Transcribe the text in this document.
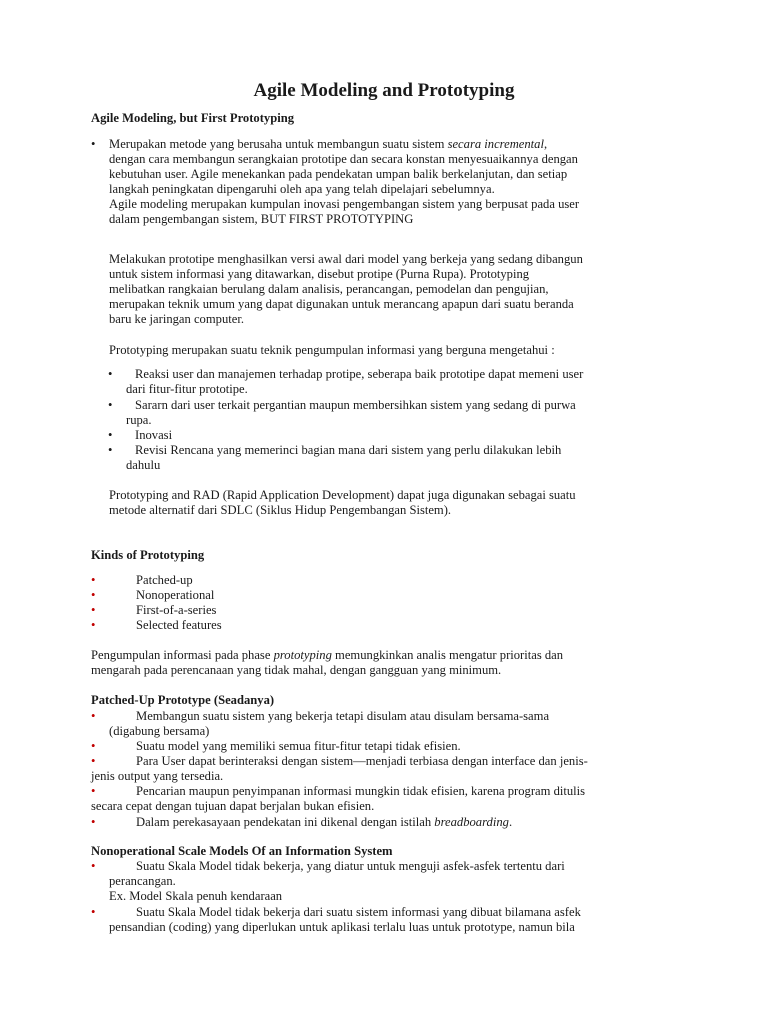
Agile Modeling and Prototyping
Agile Modeling, but First Prototyping
• Merupakan metode yang berusaha untuk membangun suatu sistem secara incremental,
dengan cara membangun serangkaian prototipe dan secara konstan menyesuaikannya dengan
kebutuhan user. Agile menekankan pada pendekatan umpan balik berkelanjutan, dan setiap
langkah peningkatan dipengaruhi oleh apa yang telah dipelajari sebelumnya.
Agile modeling merupakan kumpulan inovasi pengembangan sistem yang berpusat pada user
dalam pengembangan sistem, BUT FIRST PROTOTYPING
Melakukan prototipe menghasilkan versi awal dari model yang berkeja yang sedang dibangun
untuk sistem informasi yang ditawarkan, disebut protipe (Purna Rupa). Prototyping
melibatkan rangkaian berulang dalam analisis, perancangan, pemodelan dan pengujian,
merupakan teknik umum yang dapat digunakan untuk merancang apapun dari suatu beranda
baru ke jaringan computer.
Prototyping merupakan suatu teknik pengumpulan informasi yang berguna mengetahui :
• Reaksi user dan manajemen terhadap protipe, seberapa baik prototipe dapat memeni user
dari fitur-fitur prototipe.
• Sararn dari user terkait pergantian maupun membersihkan sistem yang sedang di purwa
rupa.
• Inovasi
• Revisi Rencana yang memerinci bagian mana dari sistem yang perlu dilakukan lebih
dahulu
Prototyping and RAD (Rapid Application Development) dapat juga digunakan sebagai suatu
metode alternatif dari SDLC (Siklus Hidup Pengembangan Sistem).
Kinds of Prototyping
•	Patched-up
•	Nonoperational
•	First-of-a-series
•	Selected features
Pengumpulan informasi pada phase prototyping memungkinkan analis mengatur prioritas dan
mengarah pada perencanaan yang tidak mahal, dengan gangguan yang minimum.
Patched-Up Prototype (Seadanya)
•	Membangun suatu sistem yang bekerja tetapi disulam atau disulam bersama-sama
(digabung bersama)
•	Suatu model yang memiliki semua fitur-fitur tetapi tidak efisien.
•	Para User dapat berinteraksi dengan sistem—menjadi terbiasa dengan interface dan jenis-
jenis output yang tersedia.
•	Pencarian maupun penyimpanan informasi mungkin tidak efisien, karena program ditulis
secara cepat dengan tujuan dapat berjalan bukan efisien.
•	Dalam perekasayaan pendekatan ini dikenal dengan istilah breadboarding.
Nonoperational Scale Models Of an Information System
•	Suatu Skala Model tidak bekerja, yang diatur untuk menguji asfek-asfek tertentu dari
perancangan.
Ex. Model Skala penuh kendaraan
•	Suatu Skala Model tidak bekerja dari suatu sistem informasi yang dibuat bilamana asfek
pensandian (coding) yang diperlukan untuk aplikasi terlalu luas untuk prototype, namun bila
